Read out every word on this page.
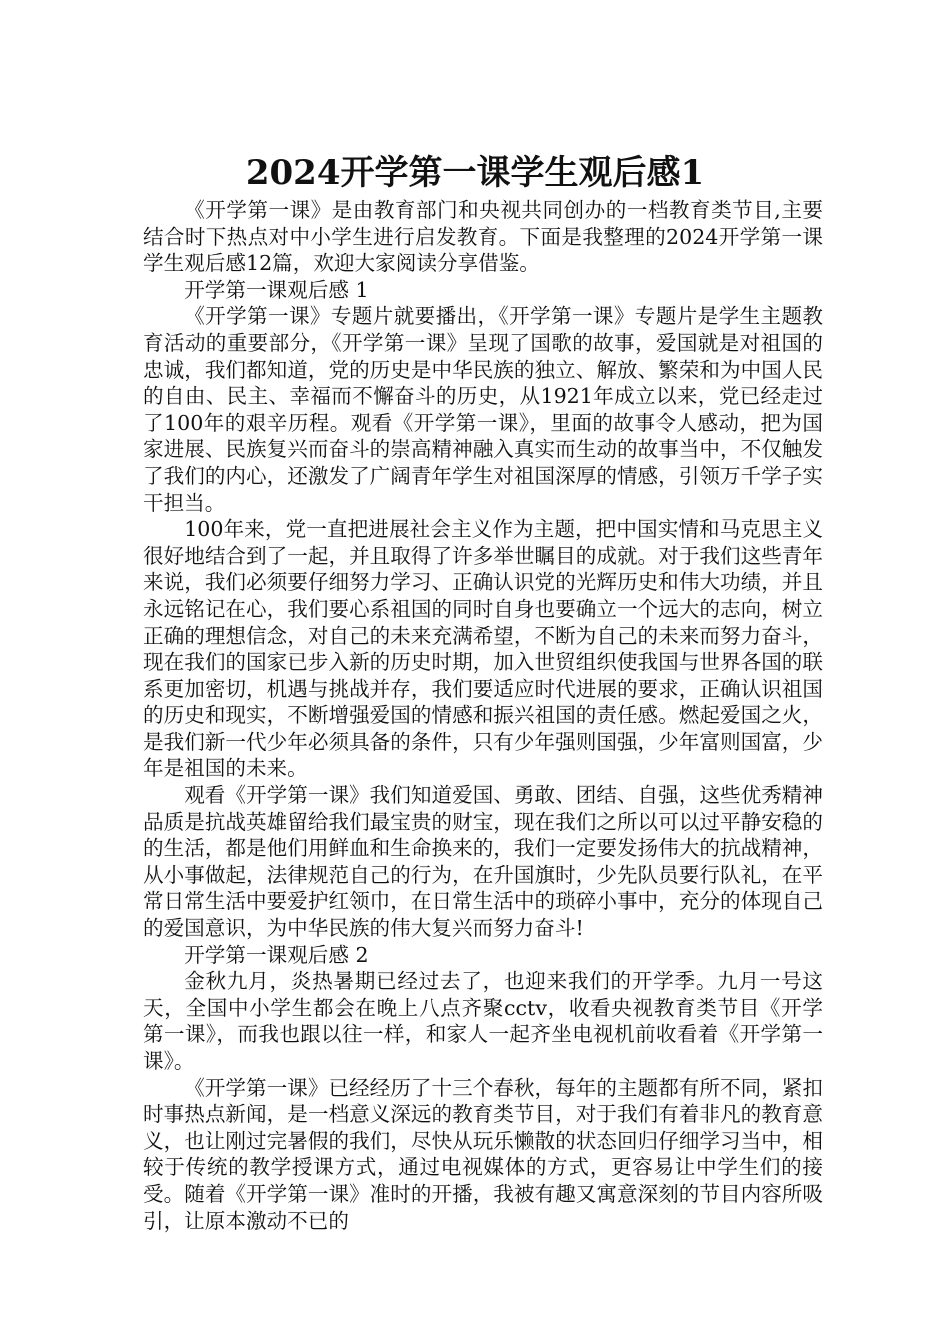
2024开学第一课学生观后感1

《开学第一课》是由教育部门和央视共同创办的一档教育类节目,主要结合时下热点对中小学生进行启发教育。下面是我整理的2024开学第一课学生观后感12篇，欢迎大家阅读分享借鉴。

开学第一课观后感 1

《开学第一课》专题片就要播出，《开学第一课》专题片是学生主题教育活动的重要部分，《开学第一课》呈现了国歌的故事，爱国就是对祖国的忠诚，我们都知道，党的历史是中华民族的独立、解放、繁荣和为中国人民的自由、民主、幸福而不懈奋斗的历史，从1921年成立以来，党已经走过了100年的艰辛历程。观看《开学第一课》，里面的故事令人感动，把为国家进展、民族复兴而奋斗的崇高精神融入真实而生动的故事当中，不仅触发了我们的内心，还激发了广阔青年学生对祖国深厚的情感，引领万千学子实干担当。

100年来，党一直把进展社会主义作为主题，把中国实情和马克思主义很好地结合到了一起，并且取得了许多举世瞩目的成就。对于我们这些青年来说，我们必须要仔细努力学习、正确认识党的光辉历史和伟大功绩，并且永远铭记在心，我们要心系祖国的同时自身也要确立一个远大的志向，树立正确的理想信念，对自己的未来充满希望，不断为自己的未来而努力奋斗，现在我们的国家已步入新的历史时期，加入世贸组织使我国与世界各国的联系更加密切，机遇与挑战并存，我们要适应时代进展的要求，正确认识祖国的历史和现实，不断增强爱国的情感和振兴祖国的责任感。燃起爱国之火，是我们新一代少年必须具备的条件，只有少年强则国强，少年富则国富，少年是祖国的未来。

观看《开学第一课》我们知道爱国、勇敢、团结、自强，这些优秀精神品质是抗战英雄留给我们最宝贵的财宝，现在我们之所以可以过平静安稳的的生活，都是他们用鲜血和生命换来的，我们一定要发扬伟大的抗战精神，从小事做起，法律规范自己的行为，在升国旗时，少先队员要行队礼，在平常日常生活中要爱护红领巾，在日常生活中的琐碎小事中，充分的体现自己的爱国意识，为中华民族的伟大复兴而努力奋斗!

开学第一课观后感 2

金秋九月，炎热暑期已经过去了，也迎来我们的开学季。九月一号这天，全国中小学生都会在晚上八点齐聚cctv，收看央视教育类节目《开学第一课》，而我也跟以往一样，和家人一起齐坐电视机前收看着《开学第一课》。

《开学第一课》已经经历了十三个春秋，每年的主题都有所不同，紧扣时事热点新闻，是一档意义深远的教育类节目，对于我们有着非凡的教育意义，也让刚过完暑假的我们，尽快从玩乐懒散的状态回归仔细学习当中，相较于传统的教学授课方式，通过电视媒体的方式，更容易让中学生们的接受。随着《开学第一课》准时的开播，我被有趣又寓意深刻的节目内容所吸引，让原本激动不已的
